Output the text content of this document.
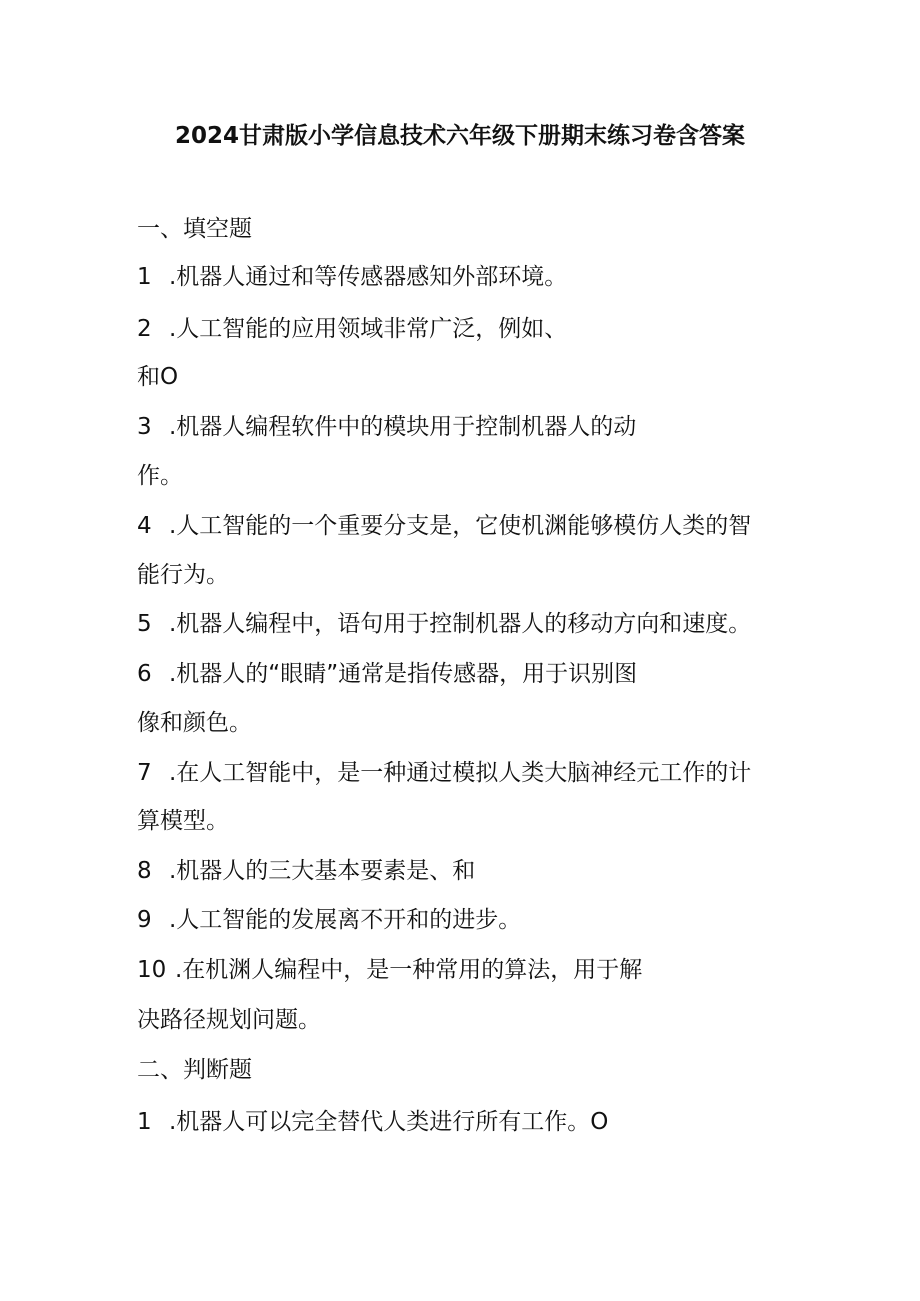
2024甘肃版小学信息技术六年级下册期末练习卷含答案
一、填空题
1 .机器人通过和等传感器感知外部环境。
2 .人工智能的应用领域非常广泛，例如、
和O
3 .机器人编程软件中的模块用于控制机器人的动
作。
4 .人工智能的一个重要分支是，它使机渊能够模仿人类的智
能行为。
5 .机器人编程中，语句用于控制机器人的移动方向和速度。
6 .机器人的“眼睛”通常是指传感器，用于识别图
像和颜色。
7 .在人工智能中，是一种通过模拟人类大脑神经元工作的计
算模型。
8 .机器人的三大基本要素是、和
9 .人工智能的发展离不开和的进步。
10 .在机渊人编程中，是一种常用的算法，用于解
决路径规划问题。
二、判断题
1 .机器人可以完全替代人类进行所有工作。O
